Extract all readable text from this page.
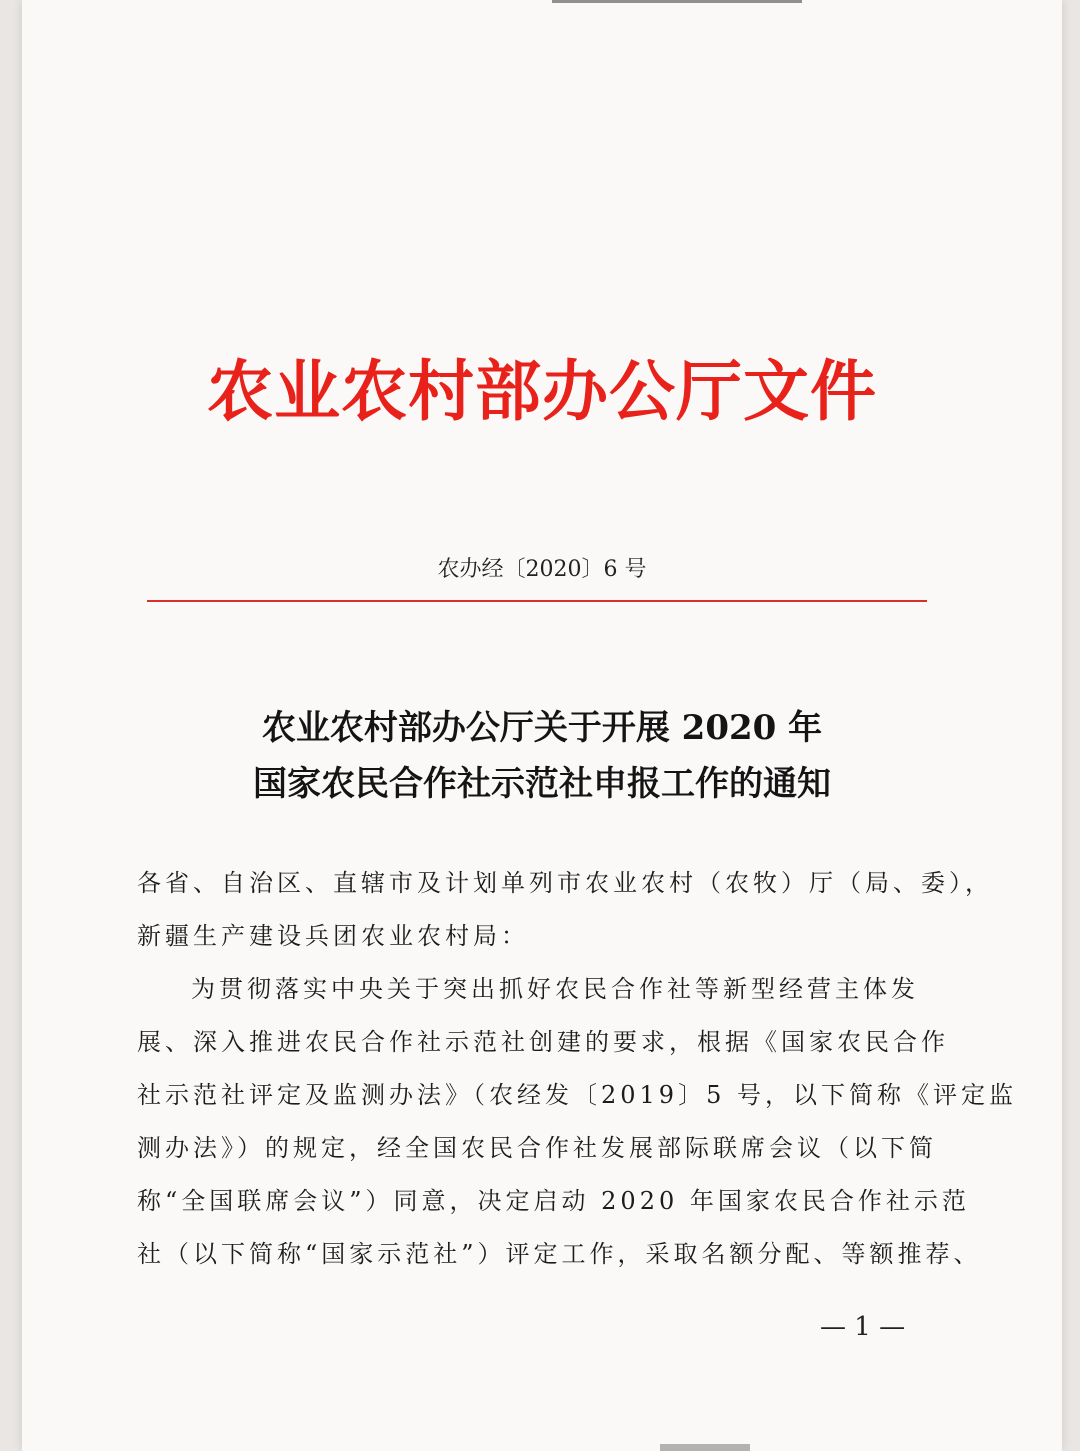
农业农村部办公厅文件

农办经〔2020〕6 号

农业农村部办公厅关于开展 2020 年
国家农民合作社示范社申报工作的通知
各省、自治区、直辖市及计划单列市农业农村（农牧）厅（局、委），
新疆生产建设兵团农业农村局：
为贯彻落实中央关于突出抓好农民合作社等新型经营主体发
展、深入推进农民合作社示范社创建的要求，根据《国家农民合作
社示范社评定及监测办法》（农经发〔2019〕5 号，以下简称《评定监
测办法》）的规定，经全国农民合作社发展部际联席会议（以下简
称“全国联席会议”）同意，决定启动 2020 年国家农民合作社示范
社（以下简称“国家示范社”）评定工作，采取名额分配、等额推荐、

— 1 —
